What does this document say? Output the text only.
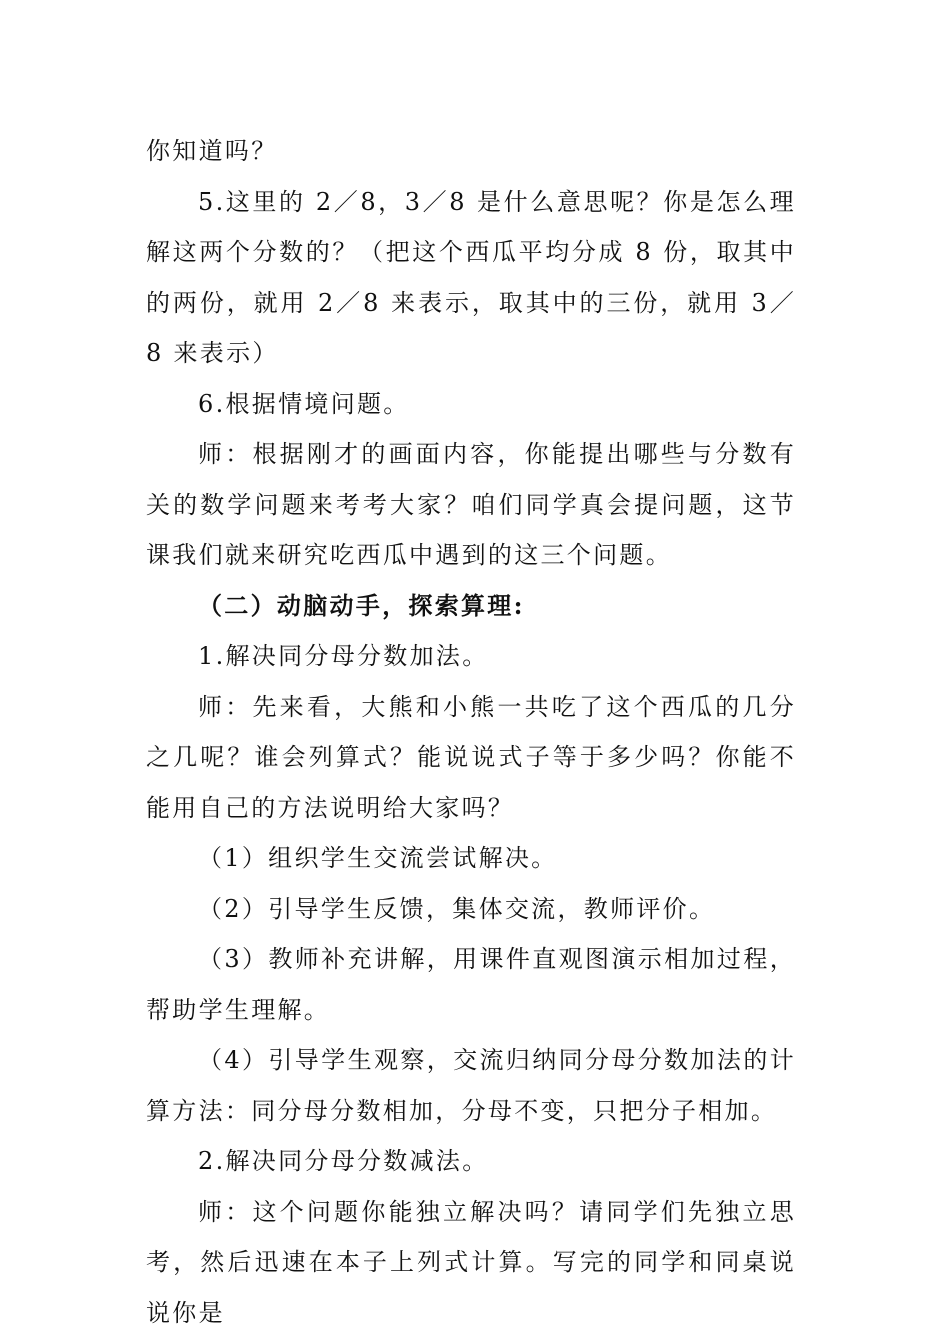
你知道吗？

5.这里的 2／8，3／8 是什么意思呢？你是怎么理解这两个分数的？（把这个西瓜平均分成 8 份，取其中的两份，就用 2／8 来表示，取其中的三份，就用 3／8 来表示）

6.根据情境问题。

师：根据刚才的画面内容，你能提出哪些与分数有关的数学问题来考考大家？咱们同学真会提问题，这节课我们就来研究吃西瓜中遇到的这三个问题。

（二）动脑动手，探索算理:

1.解决同分母分数加法。

师：先来看，大熊和小熊一共吃了这个西瓜的几分之几呢？谁会列算式？能说说式子等于多少吗？你能不能用自己的方法说明给大家吗？

（1）组织学生交流尝试解决。

（2）引导学生反馈，集体交流，教师评价。

（3）教师补充讲解，用课件直观图演示相加过程，帮助学生理解。

（4）引导学生观察，交流归纳同分母分数加法的计算方法：同分母分数相加，分母不变，只把分子相加。

2.解决同分母分数减法。

师：这个问题你能独立解决吗？请同学们先独立思考，然后迅速在本子上列式计算。写完的同学和同桌说说你是
